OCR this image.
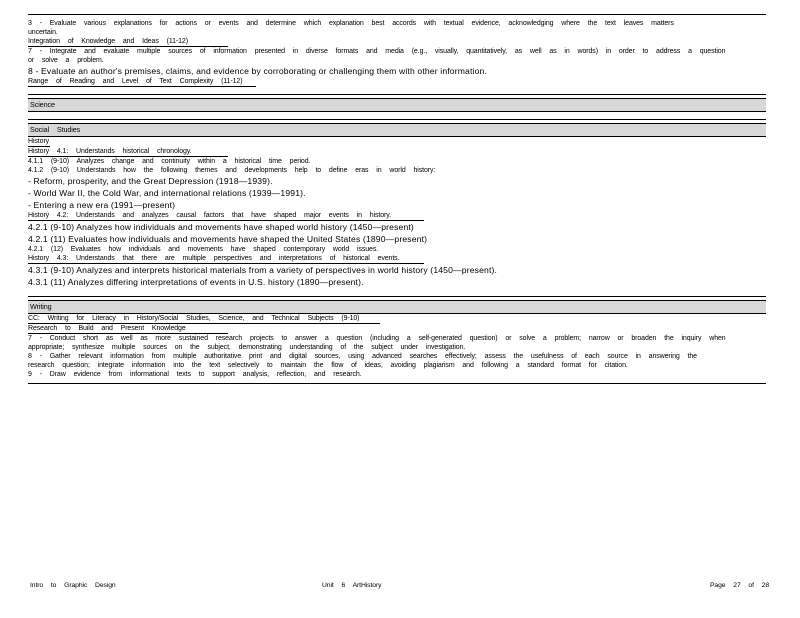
3 - Evaluate various explanations for actions or events and determine which explanation best accords with textual evidence, acknowledging where the text leaves matters

uncertain.

Integration of Knowledge and Ideas (11-12)

7 - Integrate and evaluate multiple sources of information presented in diverse formats and media (e.g., visually, quantitatively, as well as in words) in order to address a question

or solve a problem.

8 - Evaluate an author's premises, claims, and evidence by corroborating or challenging them with other information.

Range of Reading and Level of Text Complexity (11-12)

Science
Social Studies

History

History 4.1: Understands historical chronology.

4.1.1 (9-10) Analyzes change and continuity within a historical time period.

4.1.2 (9-10) Understands how the following themes and developments help to define eras in world history:

- Reform, prosperity, and the Great Depression (1918—1939).

- World War II, the Cold War, and international relations (1939—1991).

- Entering a new era (1991—present)

History 4.2: Understands and analyzes causal factors that have shaped major events in history.

4.2.1 (9-10) Analyzes how individuals and movements have shaped world history (1450—present)

4.2.1 (11) Evaluates how individuals and movements have shaped the United States (1890—present)

4.2.1 (12) Evaluates how individuals and movements have shaped contemporary world issues.

History 4.3: Understands that there are multiple perspectives and interpretations of historical events.

4.3.1 (9-10) Analyzes and interprets historical materials from a variety of perspectives in world history (1450—present).

4.3.1 (11) Analyzes differing interpretations of events in U.S. history (1890—present).

Writing

CC: Writing for Literacy in History/Social Studies, Science, and Technical Subjects (9-10)

Research to Build and Present Knowledge

7 - Conduct short as well as more sustained research projects to answer a question (including a self-generated question) or solve a problem; narrow or broaden the inquiry when

appropriate; synthesize multiple sources on the subject, demonstrating understanding of the subject under investigation.

8 - Gather relevant information from multiple authoritative print and digital sources, using advanced searches effectively; assess the usefulness of each source in answering the

research question; integrate information into the text selectively to maintain the flow of ideas, avoiding plagiarism and following a standard format for citation.

9 - Draw evidence from informational texts to support analysis, reflection, and research.

Intro to Graphic Design	Unit 6 ArtHistory	Page 27 of 28
